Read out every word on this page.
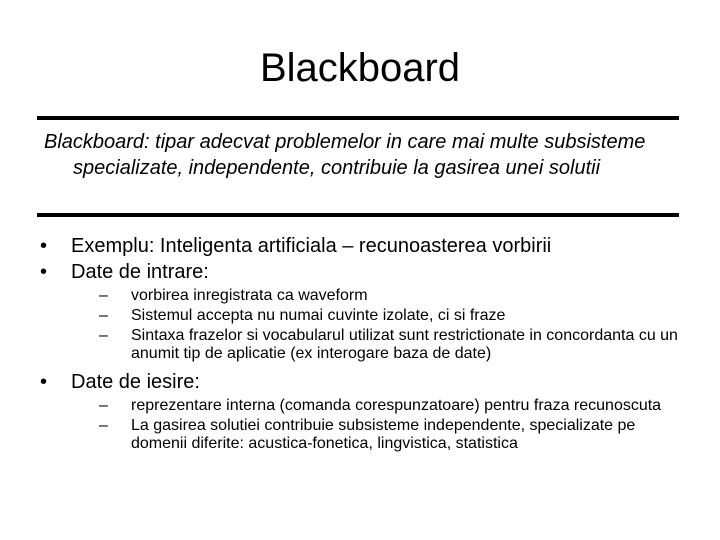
Blackboard
Blackboard: tipar adecvat problemelor in care mai multe subsisteme specializate, independente, contribuie la gasirea unei solutii
•	Exemplu: Inteligenta artificiala – recunoasterea vorbirii
•	Date de intrare:
– vorbirea inregistrata ca waveform
– Sistemul accepta nu numai cuvinte izolate, ci si fraze
– Sintaxa frazelor si vocabularul utilizat sunt restrictionate in concordanta cu un anumit tip de aplicatie (ex interogare baza de date)
•	Date de iesire:
– reprezentare interna (comanda corespunzatoare) pentru fraza recunoscuta
– La gasirea solutiei contribuie subsisteme independente, specializate pe domenii diferite: acustica-fonetica, lingvistica, statistica
